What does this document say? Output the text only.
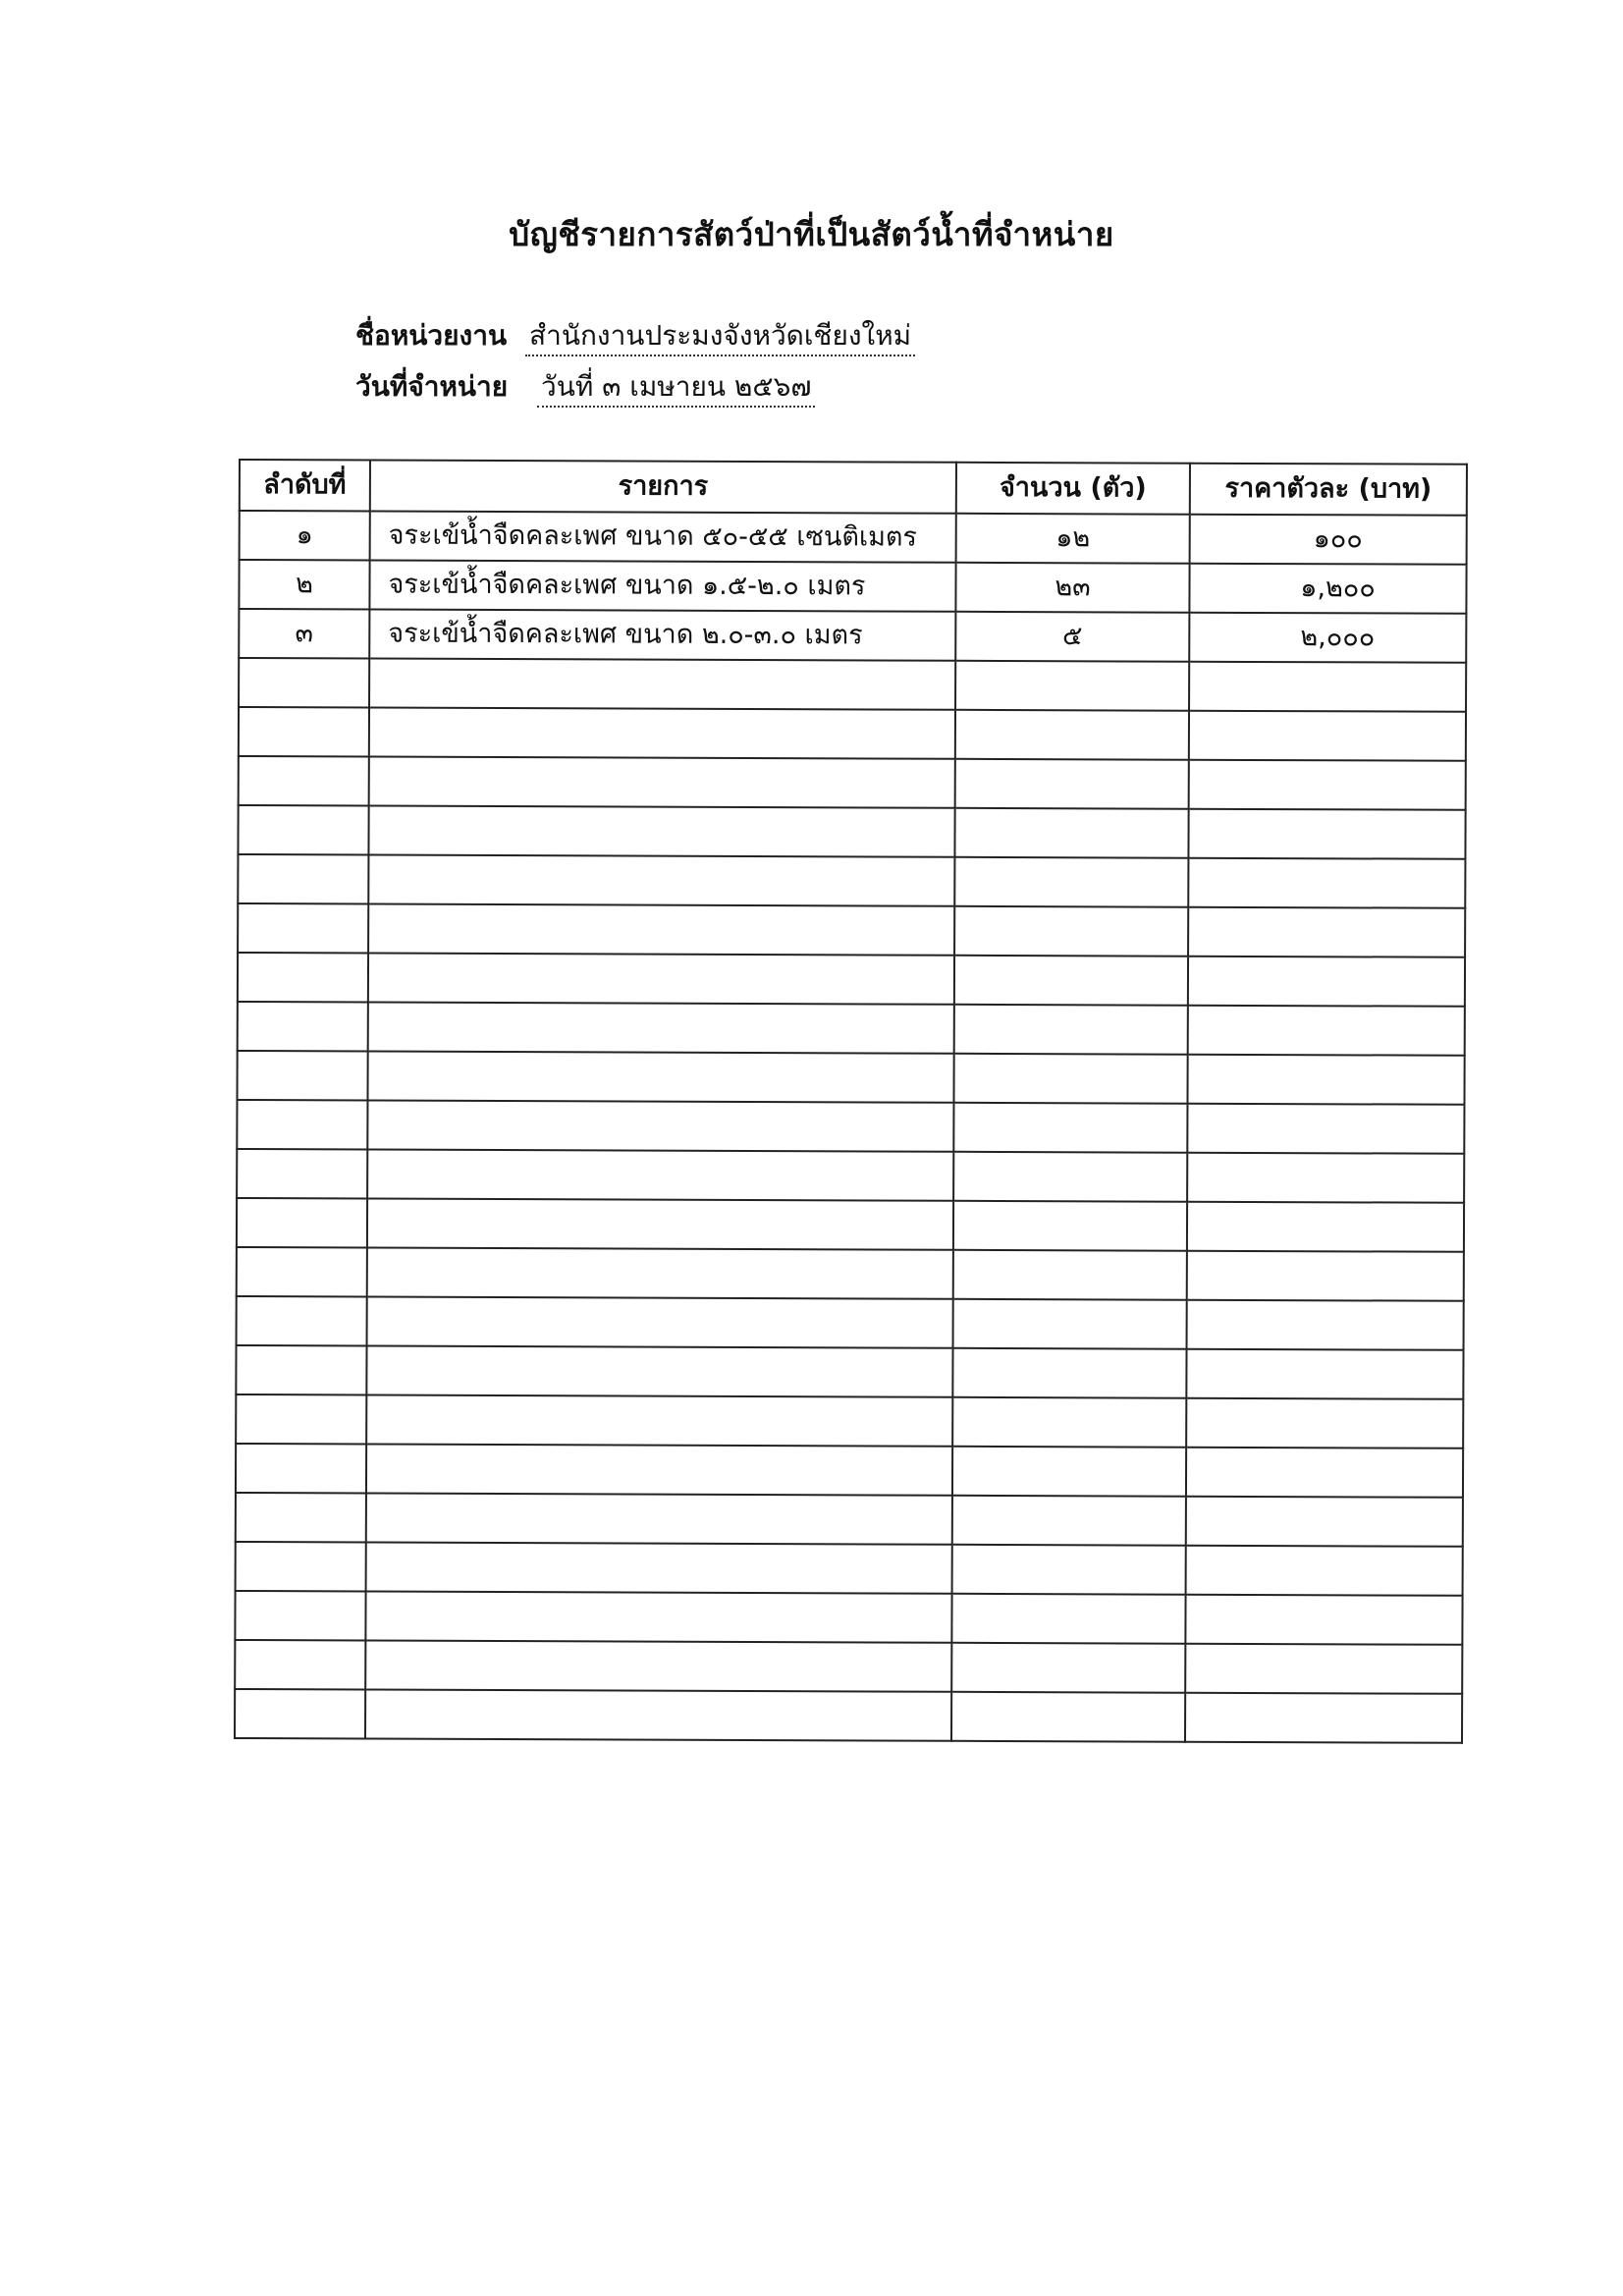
บัญชีรายการสัตว์ป่าที่เป็นสัตว์น้ำที่จำหน่าย
ชื่อหน่วยงาน สำนักงานประมงจังหวัดเชียงใหม่
วันที่จำหน่าย	วันที่ ๓ เมษายน ๒๕๖๗
ลำดับที่	รายการ	จำนวน (ตัว)	ราคาตัวละ (บาท)
๑	จระเข้น้ำจืดคละเพศ ขนาด ๕๐-๕๕ เซนติเมตร	๑๒	๑๐๐
๒	จระเข้น้ำจืดคละเพศ ขนาด ๑.๕-๒.๐ เมตร	๒๓	๑,๒๐๐
๓	จระเข้น้ำจืดคละเพศ ขนาด ๒.๐-๓.๐ เมตร	๕	๒,๐๐๐
